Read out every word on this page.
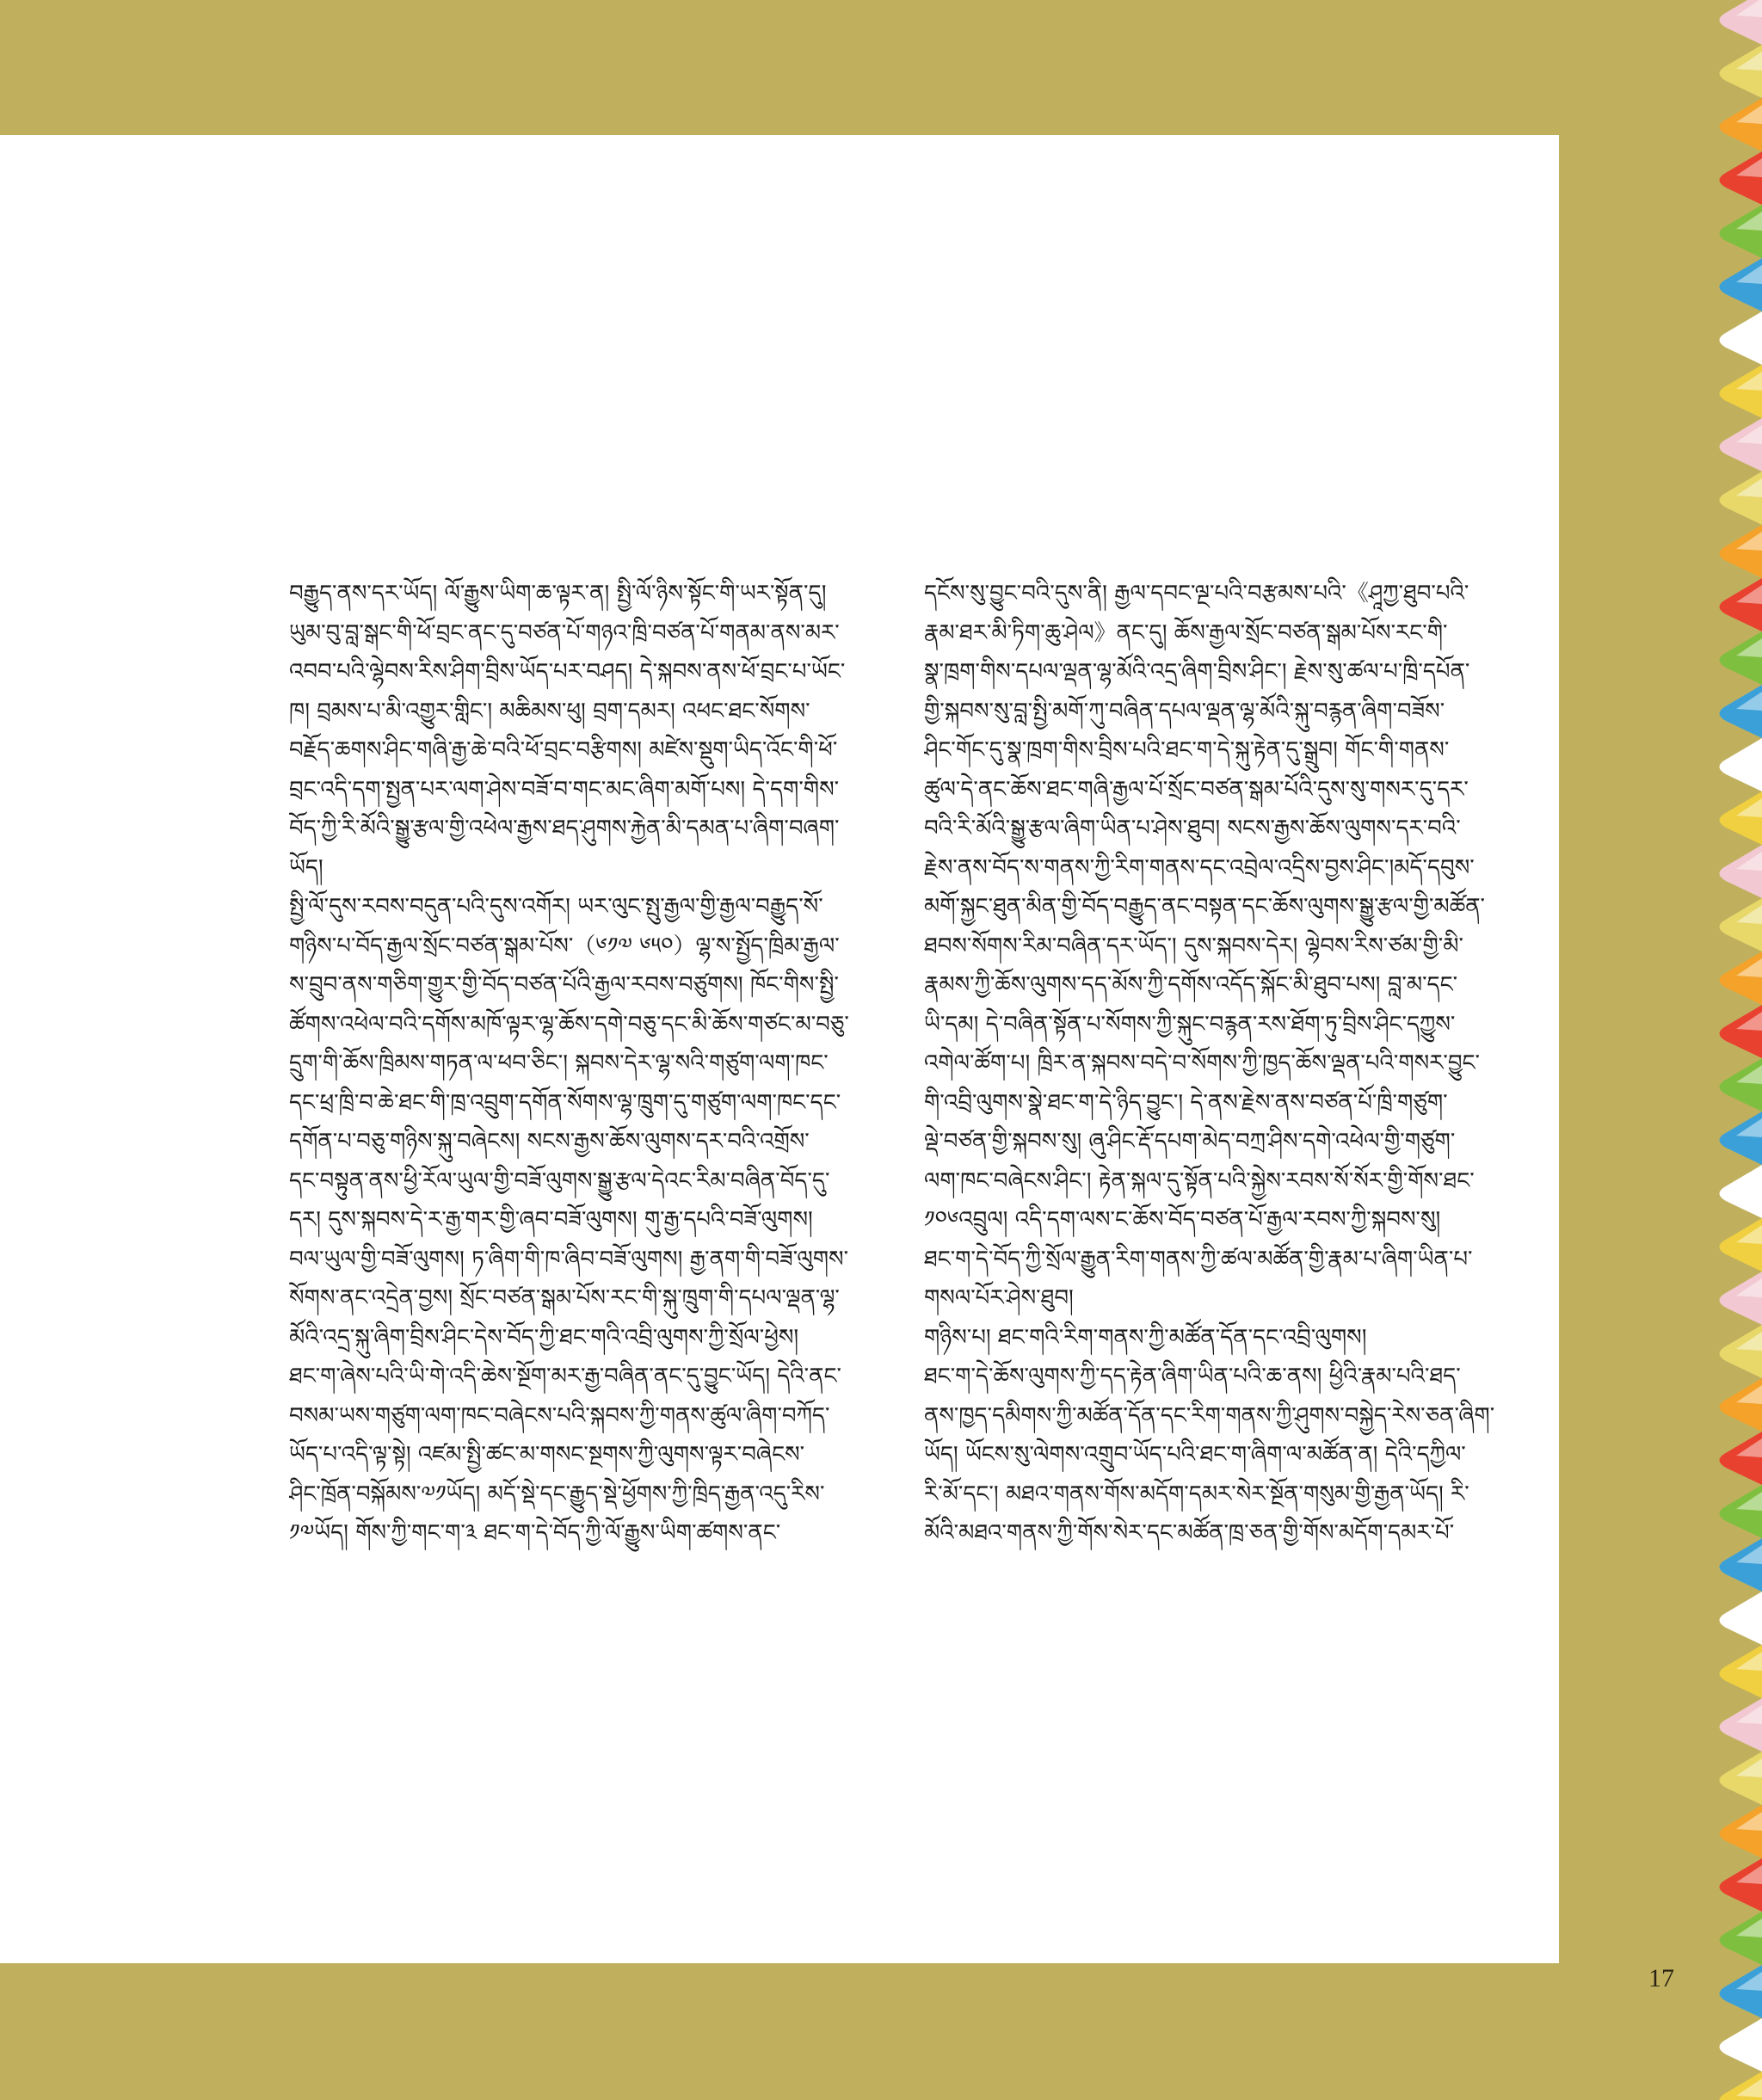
བརྒྱུད་ནས་དར་ཡོད། ལོ་རྒྱུས་ཡིག་ཆ་ལྟར་ན། སྤྱི་ལོ་ཉིས་སྟོང་གི་ཡར་སྟོན་དུ།

ཡུམ་བུ་བླ་སྒང་གི་ཕོ་བྲང་ནང་དུ་བཙན་པོ་གཉའ་ཁྲི་བཙན་པོ་གནམ་ནས་མར་

འབབ་པའི་ལྷེབས་རིས་ཤིག་བྲིས་ཡོད་པར་བཤད། དེ་སྐབས་ནས་ཕོ་བྲང་པ་ཡོང་

ཁ། བྲམས་པ་མི་འགྱུར་གླིང་། མཆིམས་ཕུ། བྲག་དམར། འཕང་ཐང་སོགས་

བརྗོད་ཆགས་ཤིང་གཞི་རྒྱ་ཆེ་བའི་ཕོ་བྲང་བརྩིགས། མཛེས་སྡུག་ཡིད་འོང་གི་ཕོ་

བྲང་འདི་དག་སྤྱན་པར་ལག་ཤེས་བཟོ་བ་གང་མང་ཞིག་མགོ་པས། དེ་དག་གིས་

བོད་ཀྱི་རི་མོའི་སྒྱུ་རྩལ་གྱི་འཕེལ་རྒྱས་ཐད་ཤུགས་རྐྱེན་མི་དམན་པ་ཞིག་བཞག་

ཡོད།

སྤྱི་ལོ་དུས་རབས་བདུན་པའི་དུས་འགོར། ཡར་ལུང་སྤུ་རྒྱལ་གྱི་རྒྱལ་བརྒྱུད་སོ་

གཉིས་པ་བོད་རྒྱལ་སྲོང་བཙན་སྒམ་པོས་（༦༡༧ ༦༥༠）ལྷ་ས་སྤྱོད་ཁྲིམ་རྒྱལ་

ས་བྲུབ་ནས་གཅིག་གྱུར་གྱི་བོད་བཙན་པོའི་རྒྱལ་རབས་བཙུགས། ཁོང་གིས་སྤྱི་

ཚོགས་འཕེལ་བའི་དགོས་མཁོ་ལྟར་ལྷ་ཆོས་དགེ་བཅུ་དང་མི་ཆོས་གཙང་མ་བཅུ་

དྲུག་གི་ཆོས་ཁྲིམས་གཏན་ལ་ཕབ་ཅིང་། སྐབས་དེར་ལྷ་སའི་གཙུག་ལག་ཁང་

དང་ཕྲ་ཁྲི་བ་ཆེ་ཐང་གི་ཁྲ་འབྲུག་དགོན་སོགས་ལྷ་ཁྲུག་དུ་གཙུག་ལག་ཁང་དང་

དགོན་པ་བཅུ་གཉིས་སྐུ་བཞེངས། སངས་རྒྱས་ཆོས་ལུགས་དར་བའི་འགྲོས་

དང་བསྟུན་ནས་ཕྱི་རོལ་ཡུལ་གྱི་བཟོ་ལུགས་སྒྱུ་རྩལ་དེའང་རིམ་བཞིན་བོད་དུ་

དར། དུས་སྐབས་དེ་ར་རྒྱ་གར་གྱི་ཞབ་བཟོ་ལུགས། གུ་རྒྱ་དཔའི་བཟོ་ལུགས།

བལ་ཡུལ་གྱི་བཟོ་ལུགས། ཏ་ཞིག་གི་ཁ་ཞིབ་བཟོ་ལུགས། རྒྱ་ནག་གི་བཟོ་ལུགས་

སོགས་ནང་འདྲེན་བྱས། སྲོང་བཙན་སྒམ་པོས་རང་གི་སྐུ་ཁྲུག་གི་དཔལ་ལྡན་ལྷ་

མོའི་འདྲ་སྐུ་ཞིག་བྲིས་ཤིང་དེས་བོད་ཀྱི་ཐང་གའི་འབྲི་ལུགས་ཀྱི་སྲོལ་ཕྱེས།

ཐང་ག་ཞེས་པའི་ཡི་གེ་འདི་ཆེས་སྔོག་མར་རྒྱ་བཞིན་ནང་དུ་བྱུང་ཡོད། དེའི་ནང་

བསམ་ཡས་གཙུག་ལག་ཁང་བཞེངས་པའི་སྐབས་ཀྱི་གནས་ཚུལ་ཞིག་བཀོད་

ཡོད་པ་འདི་ལྟ་སྟེ། འཛམ་སྤྱི་ཚང་མ་གསང་སྔགས་ཀྱི་ལུགས་ལྟར་བཞེངས་

ཤིང་ཁྲོན་བསྐོམས་༧༡ཡོད། མདོ་སྡེ་དང་རྒྱུད་སྡེ་ཕྱོགས་ཀྱི་ཁྲིད་རྒྱན་འདུ་རིས་

༡༧ཡོད། གོས་ཀྱི་གང་ག་༣ ཐང་ག་དེ་བོད་ཀྱི་ལོ་རྒྱུས་ཡིག་ཚགས་ནང་

དངོས་སུ་བྱུང་བའི་དུས་ནི། རྒྱལ་དབང་ལྔ་པའི་བརྩམས་པའི་《ཤཱཀྱ་ཐུབ་པའི་

རྣམ་ཐར་མི་ཏིག་ཆུ་ཤེལ》ནང་དུ། ཆོས་རྒྱལ་སྲོང་བཙན་སྒམ་པོས་རང་གི་

སྣ་ཁྲག་གིས་དཔལ་ལྡན་ལྷ་མོའི་འདྲ་ཞིག་བྲིས་ཤིང་། རྗེས་སུ་ཚལ་པ་ཁྲི་དཔོན་

གྱི་སྐབས་སུ་བླ་སྤྱི་མགོ་ཀུ་བཞིན་དཔལ་ལྡན་ལྷ་མོའི་སྐུ་བརྙན་ཞིག་བཟོས་

ཤིང་གོང་དུ་སྣ་ཁྲག་གིས་བྲིས་པའི་ཐང་ག་དེ་སྐུ་རྟེན་དུ་སྒྲུབ། གོང་གི་གནས་

ཚུལ་དེ་ནང་ཆོས་ཐང་གཞི་རྒྱལ་པོ་སྲོང་བཙན་སྒམ་པོའི་དུས་སུ་གསར་དུ་དར་

བའི་རི་མོའི་སྒྱུ་རྩལ་ཞིག་ཡིན་པ་ཤེས་ཐུབ། སངས་རྒྱས་ཆོས་ལུགས་དར་བའི་

རྗེས་ནས་བོད་ས་གནས་ཀྱི་རིག་གནས་དང་འབྲེལ་འདྲིས་བྱས་ཤིང་།མདོ་དབུས་

མགོ་སྐྱང་ཐུན་མིན་གྱི་བོད་བརྒྱུད་ནང་བསྟན་དང་ཆོས་ལུགས་སྒྱུ་རྩལ་གྱི་མཚོན་

ཐབས་སོགས་རིམ་བཞིན་དར་ཡོད་། དུས་སྐབས་དེར། ལྷེབས་རིས་ཙམ་གྱི་མི་

རྣམས་ཀྱི་ཆོས་ལུགས་དད་མོས་ཀྱི་དགོས་འདོད་སྐོང་མི་ཐུབ་པས། བླ་མ་དང་

ཡི་དམ། དེ་བཞིན་སྟོན་པ་སོགས་ཀྱི་སྐུང་བརྙན་རས་ཐོག་ཏུ་བྲིས་ཤིང་དཀྱུས་

འགེལ་ཚོག་པ། ཁྲིར་ན་སྐབས་བདེ་བ་སོགས་ཀྱི་ཁྱད་ཆོས་ལྡན་པའི་གསར་བྱུང་

གི་འབྲི་ལུགས་སྣེ་ཐང་ག་དེ་ཉིད་བྱུང་། དེ་ནས་རྗེས་ནས་བཙན་པོ་ཁྲི་གཙུག་

ལྡེ་བཙན་གྱི་སྐབས་སུ། ཞུ་ཤིང་རྡོ་དཔག་མེད་བཀྲ་ཤིས་དགེ་འཕེལ་གྱི་གཙུག་

ལག་ཁང་བཞེངས་ཤིང་། རྟེན་སྐལ་དུ་སྟོན་པའི་སྐྱེས་རབས་སོ་སོར་གྱི་གོས་ཐང་

༡༠༦འབྲུལ། འདི་དག་ལས་ང་ཆོས་བོད་བཙན་པོ་རྒྱལ་རབས་ཀྱི་སྐབས་སུ།

ཐང་ག་དེ་བོད་ཀྱི་སྲོལ་རྒྱུན་རིག་གནས་ཀྱི་ཚལ་མཚོན་གྱི་རྣམ་པ་ཞིག་ཡིན་པ་

གསལ་པོར་ཤེས་ཐུབ།

གཉིས་པ། ཐང་གའི་རིག་གནས་ཀྱི་མཚོན་དོན་དང་འབྲི་ལུགས།

ཐང་ག་དེ་ཆོས་ལུགས་ཀྱི་དད་རྟེན་ཞིག་ཡིན་པའི་ཆ་ནས། ཕྱིའི་རྣམ་པའི་ཐད་

ནས་ཁྱད་དམིགས་ཀྱི་མཚོན་དོན་དང་རིག་གནས་ཀྱི་ཤུགས་བསྐྱེད་རེས་ཅན་ཞིག་

ཡོད། ཡོངས་སུ་ལེགས་འགྲུབ་ཡོད་པའི་ཐང་ག་ཞིག་ལ་མཚོན་ན། དེའི་དཀྱིལ་

རི་མོ་དང་། མཐའ་གནས་གོས་མདོག་དམར་སེར་སྔོན་གསུམ་གྱི་རྒྱན་ཡོད། རི་

མོའི་མཐའ་གནས་ཀྱི་གོས་སེར་དང་མཚོན་ཁྲ་ཅན་གྱི་གོས་མདོག་དམར་པོ་

17
